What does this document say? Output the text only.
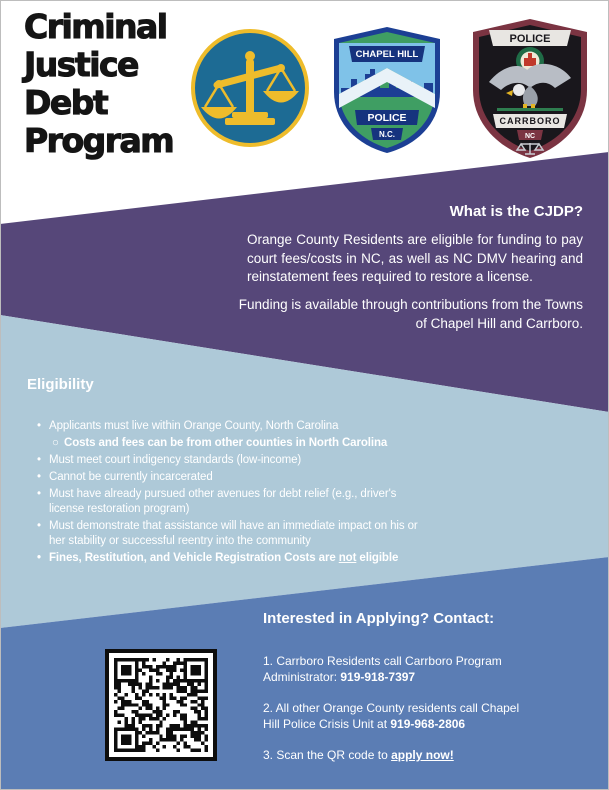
Criminal
Justice
Debt
Program
CHAPEL HILL
POLICE
N.C.
POLICE
CARRBORO
NC
What is the CJDP?
Orange County Residents are eligible for funding to pay court fees/costs in NC, as well as NC DMV hearing and reinstatement fees required to restore a license.
Funding is available through contributions from the Towns of Chapel Hill and Carrboro.
Eligibility
• Applicants must live within Orange County, North Carolina
○ Costs and fees can be from other counties in North Carolina
• Must meet court indigency standards (low-income)
• Cannot be currently incarcerated
• Must have already pursued other avenues for debt relief (e.g., driver's license restoration program)
• Must demonstrate that assistance will have an immediate impact on his or her stability or successful reentry into the community
• Fines, Restitution, and Vehicle Registration Costs are not eligible
Interested in Applying? Contact:
1. Carrboro Residents call Carrboro Program Administrator: 919-918-7397
2. All other Orange County residents call Chapel Hill Police Crisis Unit at 919-968-2806
3. Scan the QR code to apply now!
